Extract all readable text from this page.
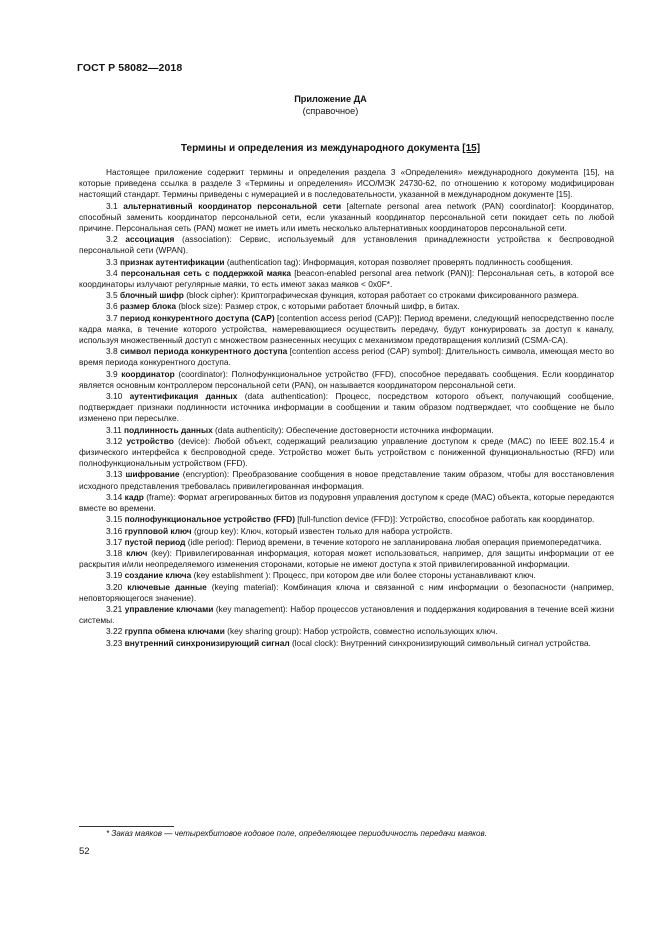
ГОСТ Р 58082—2018
Приложение ДА
(справочное)
Термины и определения из международного документа [15]

Настоящее приложение содержит термины и определения раздела 3 «Определения» международного документа [15], на которые приведена ссылка в разделе 3 «Термины и определения» ИСО/МЭК 24730-62, по отношению к которому модифицирован настоящий стандарт. Термины приведены с нумерацией и в последовательности, указанной в международном документе [15].

3.1 альтернативный координатор персональной сети [alternate personal area network (PAN) coordinator]: Координатор, способный заменить координатор персональной сети, если указанный координатор персональной сети покидает сеть по любой причине. Персональная сеть (PAN) может не иметь или иметь несколько альтернативных координаторов персональной сети.

3.2 ассоциация (association): Сервис, используемый для установления принадлежности устройства к беспроводной персональной сети (WPAN).

3.3 признак аутентификации (authentication tag): Информация, которая позволяет проверять подлинность сообщения.

3.4 персональная сеть с поддержкой маяка [beacon-enabled personal area network (PAN)]: Персональная сеть, в которой все координаторы излучают регулярные маяки, то есть имеют заказ маяков < 0x0F*.

3.5 блочный шифр (block cipher): Криптографическая функция, которая работает со строками фиксированного размера.

3.6 размер блока (block size): Размер строк, с которыми работает блочный шифр, в битах.

3.7 период конкурентного доступа (CAP) [contention access period (CAP)]: Период времени, следующий непосредственно после кадра маяка, в течение которого устройства, намеревающиеся осуществить передачу, будут конкурировать за доступ к каналу, используя множественный доступ с множеством разнесенных несущих с механизмом предотвращения коллизий (CSMA-CA).

3.8 символ периода конкурентного доступа [contention access period (CAP) symbol]: Длительность символа, имеющая место во время периода конкурентного доступа.

3.9 координатор (coordinator): Полнофункциональное устройство (FFD), способное передавать сообщения. Если координатор является основным контроллером персональной сети (PAN), он называется координатором персональной сети.

3.10 аутентификация данных (data authentication): Процесс, посредством которого объект, получающий сообщение, подтверждает признаки подлинности источника информации в сообщении и таким образом подтверждает, что сообщение не было изменено при пересылке.

3.11 подлинность данных (data authenticity): Обеспечение достоверности источника информации.

3.12 устройство (device): Любой объект, содержащий реализацию управление доступом к среде (MAC) по IEEE 802.15.4 и физического интерфейса к беспроводной среде. Устройство может быть устройством с пониженной функциональностью (RFD) или полнофункциональным устройством (FFD).

3.13 шифрование (encryption): Преобразование сообщения в новое представление таким образом, чтобы для восстановления исходного представления требовалась привилегированная информация.

3.14 кадр (frame): Формат агрегированных битов из подуровня управления доступом к среде (MAC) объекта, которые передаются вместе во времени.

3.15 полнофункциональное устройство (FFD) [full-function device (FFD)]: Устройство, способное работать как координатор.

3.16 групповой ключ (group key): Ключ, который известен только для набора устройств.

3.17 пустой период (idle period): Период времени, в течение которого не запланирована любая операция приемопередатчика.

3.18 ключ (key): Привилегированная информация, которая может использоваться, например, для защиты информации от ее раскрытия и/или неопределяемого изменения сторонами, которые не имеют доступа к этой привилегированной информации.

3.19 создание ключа (key establishment ): Процесс, при котором две или более стороны устанавливают ключ.

3.20 ключевые данные (keying material): Комбинация ключа и связанной с ним информации о безопасности (например, неповторяющегося значение).

3.21 управление ключами (key management): Набор процессов установления и поддержания кодирования в течение всей жизни системы.

3.22 группа обмена ключами (key sharing group): Набор устройств, совместно использующих ключ.

3.23 внутренний синхронизирующий сигнал (local clock): Внутренний синхронизирующий символьный сигнал устройства.

* Заказ маяков — четырехбитовое кодовое поле, определяющее периодичность передачи маяков.
52
